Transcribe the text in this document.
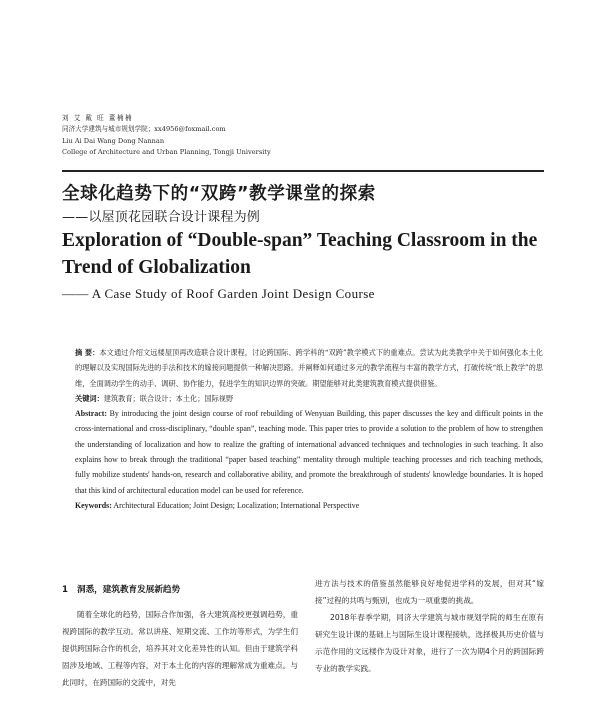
刘 艾 戴 旺 董楠楠
同济大学建筑与城市规划学院；xx4956@foxmail.com
Liu Ai Dai Wang Dong Nannan
College of Architecture and Urban Planning, Tongji University
全球化趋势下的“双跨”教学课堂的探索
——以屋顶花园联合设计课程为例
Exploration of “Double-span” Teaching Classroom in the Trend of Globalization
—— A Case Study of Roof Garden Joint Design Course

摘 要：本文通过介绍文远楼屋顶再改造联合设计课程，讨论跨国际、跨学科的“双跨”教学模式下的重难点。尝试为此类教学中关于如何强化本土化的理解以及实现国际先进的手法和技术的嫁接问题提供一种解决思路。并阐释如何通过多元的教学流程与丰富的教学方式，打破传统“纸上教学”的思维，全面调动学生的动手、调研、协作能力，促进学生的知识边界的突破。期望能够对此类建筑教育模式提供借鉴。

关键词：建筑教育；联合设计；本土化；国际视野

Abstract: By introducing the joint design course of roof rebuilding of Wenyuan Building, this paper discusses the key and difficult points in the cross-international and cross-disciplinary, “double span”, teaching mode. This paper tries to provide a solution to the problem of how to strengthen the understanding of localization and how to realize the grafting of international advanced techniques and technologies in such teaching. It also explains how to break through the traditional “paper based teaching” mentality through multiple teaching processes and rich teaching methods, fully mobilize students' hands-on, research and collaborative ability, and promote the breakthrough of students' knowledge boundaries. It is hoped that this kind of architectural education model can be used for reference.

Keywords: Architectural Education; Joint Design; Localization; International Perspective

1 洞悉，建筑教育发展新趋势

随着全球化的趋势，国际合作加强，各大建筑高校更强调趋势，重视跨国际的教学互动。常以讲座、短期交流、工作坊等形式，为学生们提供跨国际合作的机会，培养其对文化差异性的认知。但由于建筑学科固涉及地域、工程等内容，对于本土化的内容的理解常成为重难点。与此同时，在跨国际的交流中，对先

进方法与技术的借鉴虽然能够良好地促进学科的发展，但对其“嫁接”过程的共鸣与甄别，也成为一项重要的挑战。

2018年春季学期，同济大学建筑与城市规划学院的师生在原有研究生设计课的基础上与国际生设计课程接轨，选择极具历史价值与示范作用的文远楼作为设计对象，进行了一次为期4个月的跨国际跨专业的教学实践。
